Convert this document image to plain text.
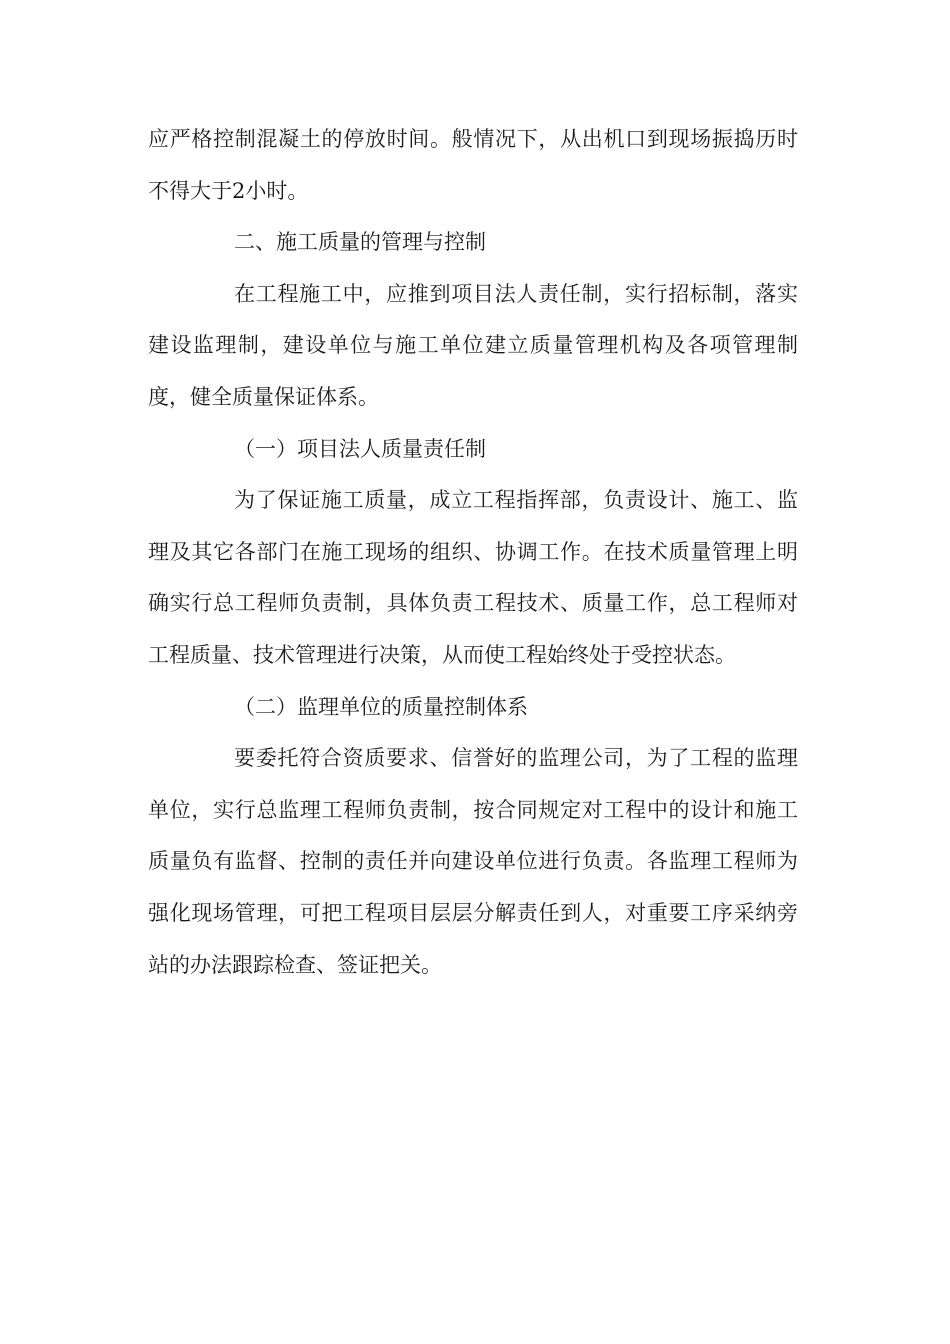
应严格控制混凝土的停放时间。般情况下，从出机口到现场振捣历时不得大于2小时。

二、施工质量的管理与控制

在工程施工中，应推到项目法人责任制，实行招标制，落实建设监理制，建设单位与施工单位建立质量管理机构及各项管理制度，健全质量保证体系。

（一）项目法人质量责任制

为了保证施工质量，成立工程指挥部，负责设计、施工、监理及其它各部门在施工现场的组织、协调工作。在技术质量管理上明确实行总工程师负责制，具体负责工程技术、质量工作，总工程师对工程质量、技术管理进行决策，从而使工程始终处于受控状态。

（二）监理单位的质量控制体系

要委托符合资质要求、信誉好的监理公司，为了工程的监理单位，实行总监理工程师负责制，按合同规定对工程中的设计和施工质量负有监督、控制的责任并向建设单位进行负责。各监理工程师为强化现场管理，可把工程项目层层分解责任到人，对重要工序采纳旁站的办法跟踪检查、签证把关。
